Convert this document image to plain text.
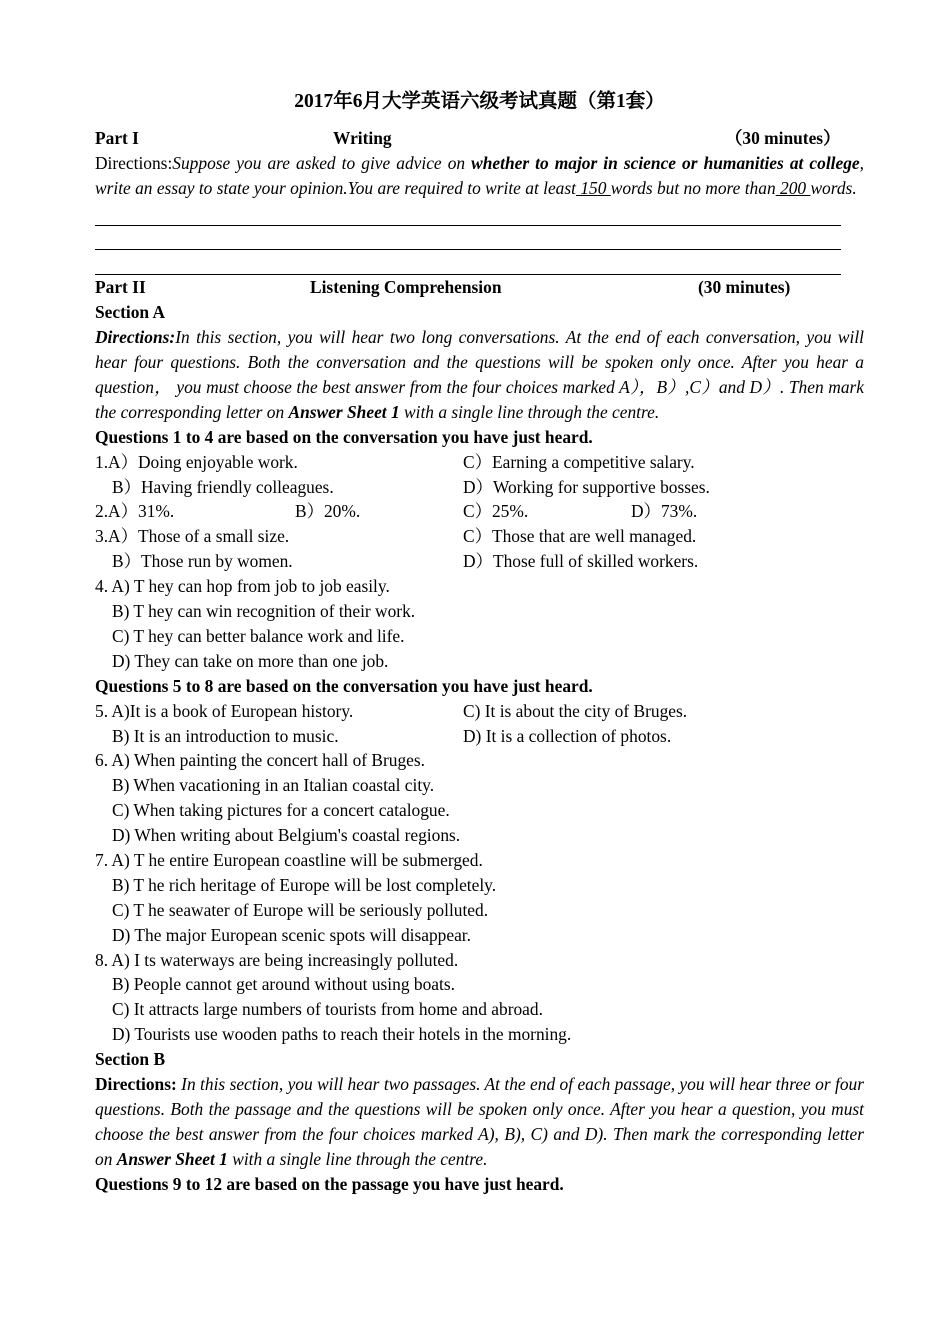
2017年6月大学英语六级考试真题（第1套）
Part I	Writing	（30 minutes）

Directions:Suppose you are asked to give advice on whether to major in science or humanities at college, write an essay to state your opinion.You are required to write at least 150 words but no more than 200 words.

Part II	Listening Comprehension	(30 minutes)

Section A

Directions:In this section, you will hear two long conversations. At the end of each conversation, you will hear four questions. Both the conversation and the questions will be spoken only once. After you hear a question， you must choose the best answer from the four choices marked A），B）,C）and D）. Then mark the corresponding letter on Answer Sheet 1 with a single line through the centre.

Questions 1 to 4 are based on the conversation you have just heard.

1.A）Doing enjoyable work.	C）Earning a competitive salary.
B）Having friendly colleagues.	D）Working for supportive bosses.
2.A）31%.	B）20%.	C）25%.	D）73%.
3.A）Those of a small size.	C）Those that are well managed.
B）Those run by women.	D）Those full of skilled workers.
4. A) T hey can hop from job to job easily.
B) T hey can win recognition of their work.
C) T hey can better balance work and life.
D) They can take on more than one job.

Questions 5 to 8 are based on the conversation you have just heard.

5. A)It is a book of European history.	C) It is about the city of Bruges.
B) It is an introduction to music.	D) It is a collection of photos.
6. A) When painting the concert hall of Bruges.
B) When vacationing in an Italian coastal city.
C) When taking pictures for a concert catalogue.
D) When writing about Belgium's coastal regions.
7. A) T he entire European coastline will be submerged.
B) T he rich heritage of Europe will be lost completely.
C) T he seawater of Europe will be seriously polluted.
D) The major European scenic spots will disappear.
8. A) I ts waterways are being increasingly polluted.
B) People cannot get around without using boats.
C) It attracts large numbers of tourists from home and abroad.
D) Tourists use wooden paths to reach their hotels in the morning.

Section B

Directions: In this section, you will hear two passages. At the end of each passage, you will hear three or four questions. Both the passage and the questions will be spoken only once. After you hear a question, you must choose the best answer from the four choices marked A), B), C) and D). Then mark the corresponding letter on Answer Sheet 1 with a single line through the centre.

Questions 9 to 12 are based on the passage you have just heard.
